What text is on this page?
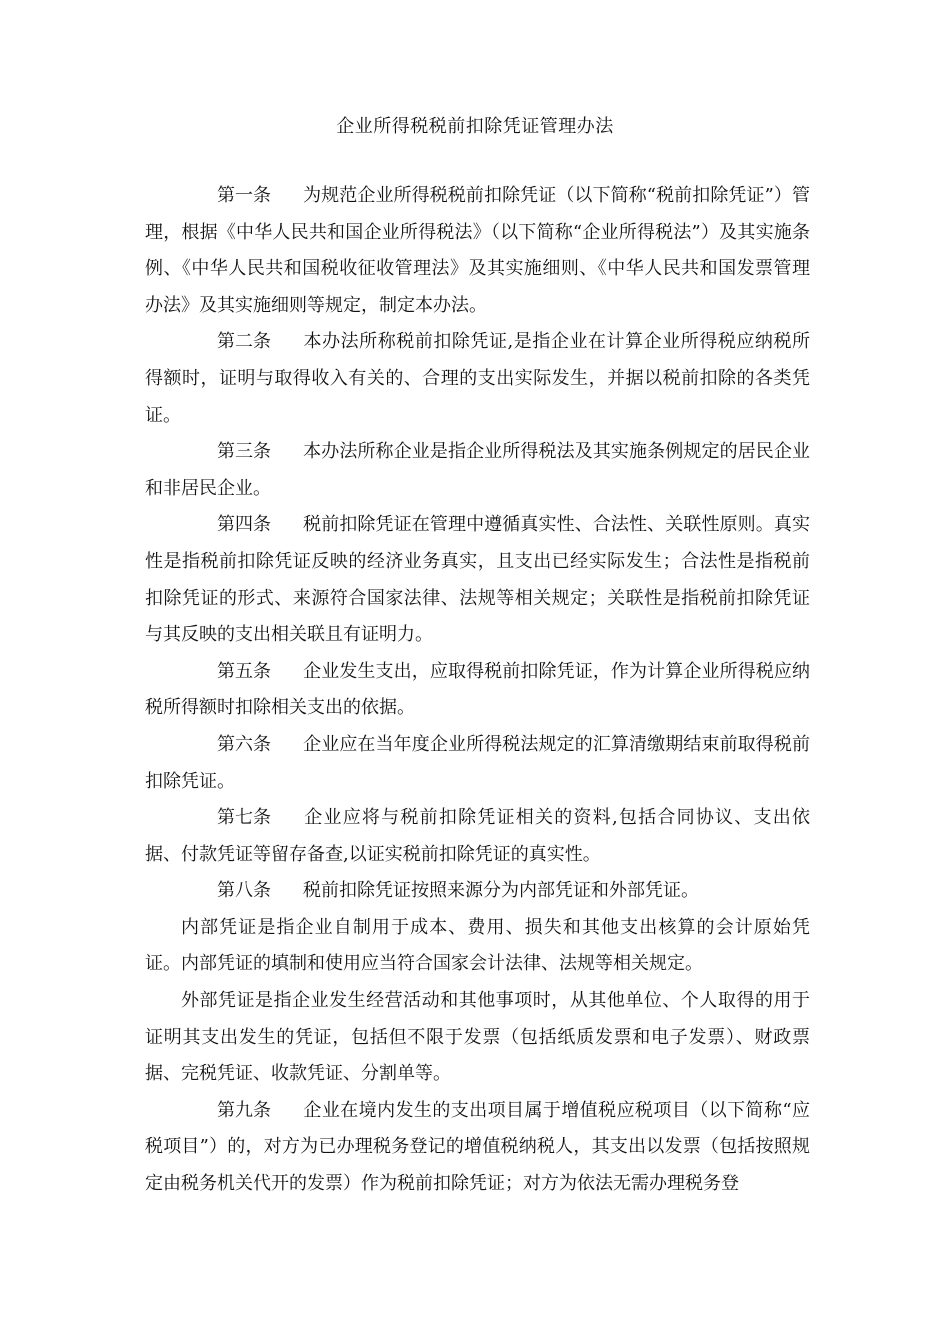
企业所得税税前扣除凭证管理办法

第一条 为规范企业所得税税前扣除凭证（以下简称“税前扣除凭证”）管理，根据《中华人民共和国企业所得税法》（以下简称“企业所得税法”）及其实施条例、《中华人民共和国税收征收管理法》及其实施细则、《中华人民共和国发票管理办法》及其实施细则等规定，制定本办法。

第二条 本办法所称税前扣除凭证,是指企业在计算企业所得税应纳税所得额时，证明与取得收入有关的、合理的支出实际发生，并据以税前扣除的各类凭证。

第三条 本办法所称企业是指企业所得税法及其实施条例规定的居民企业和非居民企业。

第四条 税前扣除凭证在管理中遵循真实性、合法性、关联性原则。真实性是指税前扣除凭证反映的经济业务真实，且支出已经实际发生；合法性是指税前扣除凭证的形式、来源符合国家法律、法规等相关规定；关联性是指税前扣除凭证与其反映的支出相关联且有证明力。

第五条 企业发生支出，应取得税前扣除凭证，作为计算企业所得税应纳税所得额时扣除相关支出的依据。

第六条 企业应在当年度企业所得税法规定的汇算清缴期结束前取得税前扣除凭证。

第七条 企业应将与税前扣除凭证相关的资料,包括合同协议、支出依据、付款凭证等留存备查,以证实税前扣除凭证的真实性。

第八条 税前扣除凭证按照来源分为内部凭证和外部凭证。

内部凭证是指企业自制用于成本、费用、损失和其他支出核算的会计原始凭证。内部凭证的填制和使用应当符合国家会计法律、法规等相关规定。

外部凭证是指企业发生经营活动和其他事项时，从其他单位、个人取得的用于证明其支出发生的凭证，包括但不限于发票（包括纸质发票和电子发票）、财政票据、完税凭证、收款凭证、分割单等。

第九条 企业在境内发生的支出项目属于增值税应税项目（以下简称“应税项目”）的，对方为已办理税务登记的增值税纳税人，其支出以发票（包括按照规定由税务机关代开的发票）作为税前扣除凭证；对方为依法无需办理税务登
